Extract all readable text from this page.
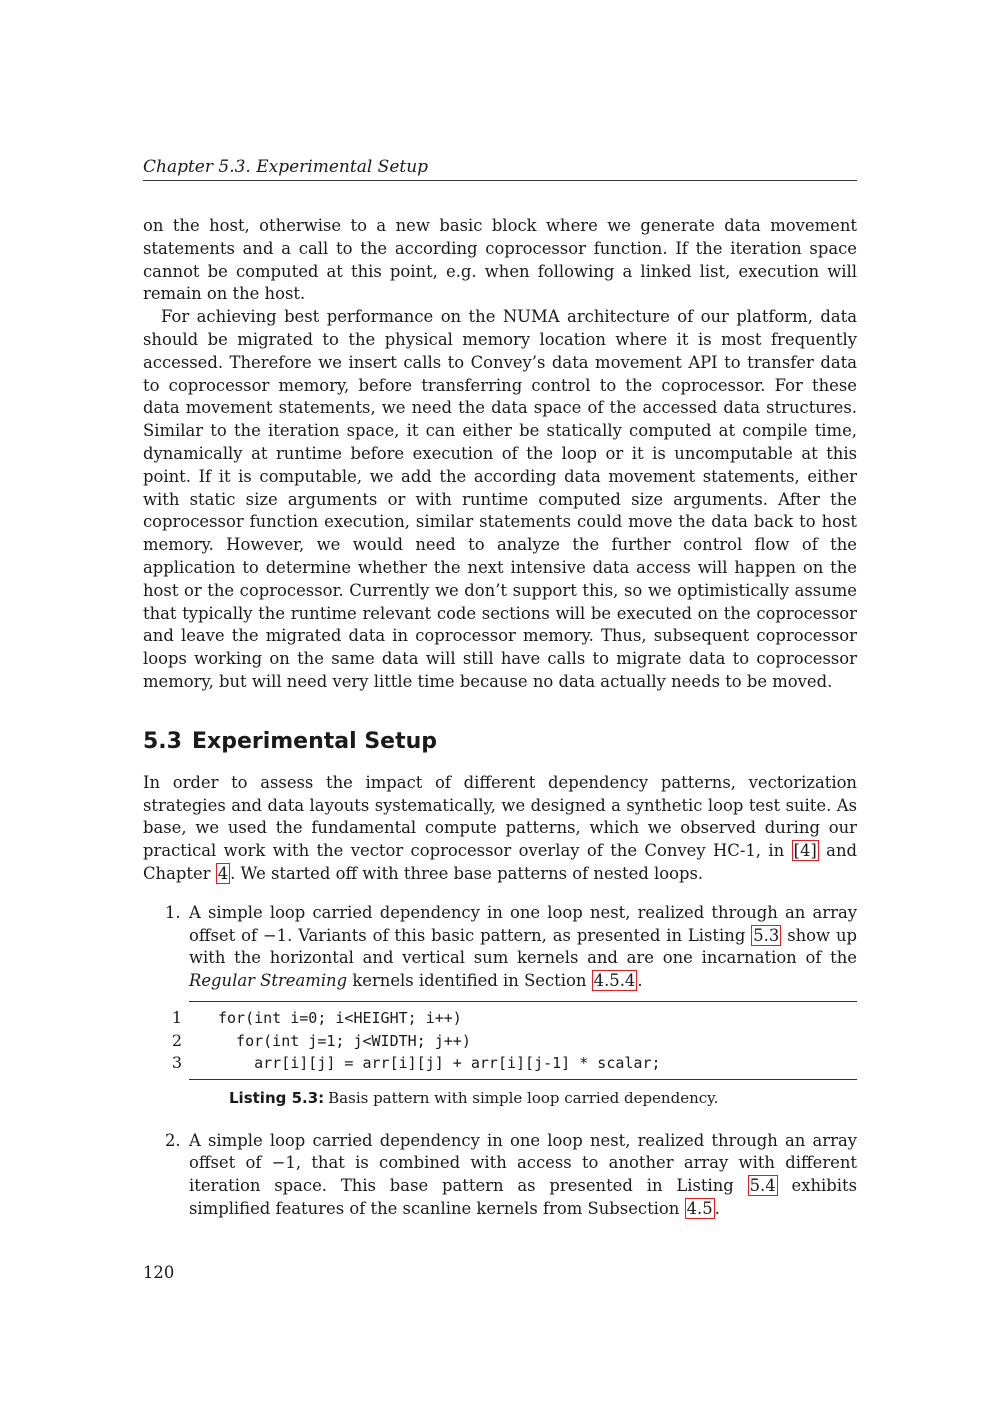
Chapter 5.3. Experimental Setup

on the host, otherwise to a new basic block where we generate data movement statements and a call to the according coprocessor function. If the iteration space cannot be computed at this point, e.g. when following a linked list, execution will remain on the host.

For achieving best performance on the NUMA architecture of our platform, data should be migrated to the physical memory location where it is most frequently accessed. Therefore we insert calls to Convey’s data movement API to transfer data to coprocessor memory, before transferring control to the coprocessor. For these data movement statements, we need the data space of the accessed data structures. Similar to the iteration space, it can either be statically computed at compile time, dynamically at runtime before execution of the loop or it is uncomputable at this point. If it is computable, we add the according data movement statements, either with static size arguments or with runtime computed size arguments. After the coprocessor function execution, similar statements could move the data back to host memory. However, we would need to analyze the further control flow of the application to determine whether the next intensive data access will happen on the host or the coprocessor. Currently we don’t support this, so we optimistically assume that typically the runtime relevant code sections will be executed on the coprocessor and leave the migrated data in coprocessor memory. Thus, subsequent coprocessor loops working on the same data will still have calls to migrate data to coprocessor memory, but will need very little time because no data actually needs to be moved.

5.3 Experimental Setup

In order to assess the impact of different dependency patterns, vectorization strategies and data layouts systematically, we designed a synthetic loop test suite. As base, we used the fundamental compute patterns, which we observed during our practical work with the vector coprocessor overlay of the Convey HC-1, in [4] and Chapter 4 . We started off with three base patterns of nested loops.

1. A simple loop carried dependency in one loop nest, realized through an array offset of −1. Variants of this basic pattern, as presented in Listing 5.3 show up with the horizontal and vertical sum kernels and are one incarnation of the Regular Streaming kernels identified in Section 4.5.4 .
1 for(int i=0; i<HEIGHT; i++)
2 for(int j=1; j<WIDTH; j++)
3 arr[i][j] = arr[i][j] + arr[i][j-1] * scalar;
Listing 5.3: Basis pattern with simple loop carried dependency.
2. A simple loop carried dependency in one loop nest, realized through an array offset of −1, that is combined with access to another array with different iteration space. This base pattern as presented in Listing 5.4 exhibits simplified features of the scanline kernels from Subsection 4.5 .
120
